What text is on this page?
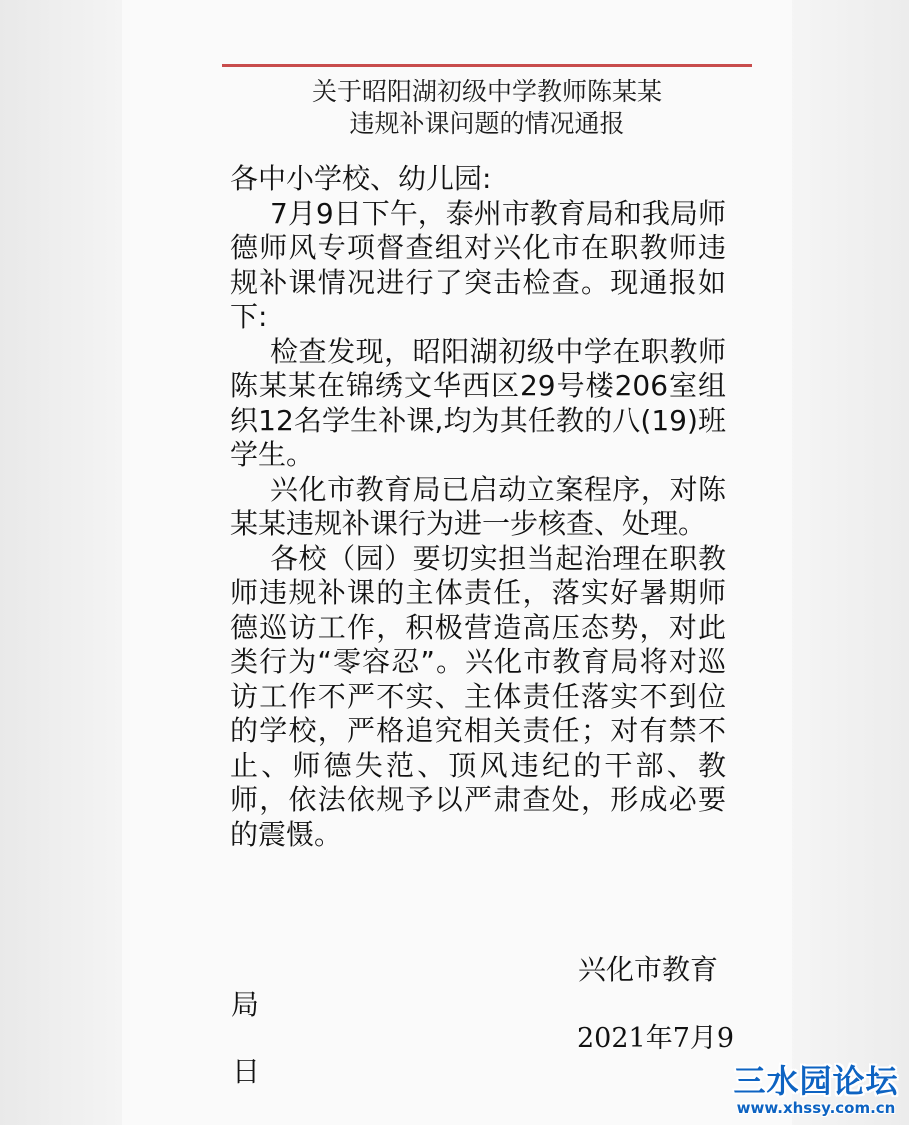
关于昭阳湖初级中学教师陈某某
违规补课问题的情况通报

各中小学校、幼儿园:

7月9日下午，泰州市教育局和我局师德师风专项督查组对兴化市在职教师违规补课情况进行了突击检查。现通报如下:

检查发现，昭阳湖初级中学在职教师陈某某在锦绣文华西区29号楼206室组织12名学生补课,均为其任教的八(19)班学生。

兴化市教育局已启动立案程序，对陈某某违规补课行为进一步核查、处理。

各校（园）要切实担当起治理在职教师违规补课的主体责任，落实好暑期师德巡访工作，积极营造高压态势，对此类行为“零容忍”。兴化市教育局将对巡访工作不严不实、主体责任落实不到位的学校，严格追究相关责任；对有禁不止、师德失范、顶风违纪的干部、教师，依法依规予以严肃查处，形成必要的震慑。

兴化市教育
局
2021年7月9
日	三水园论坛
www.xhssy.com.cn
